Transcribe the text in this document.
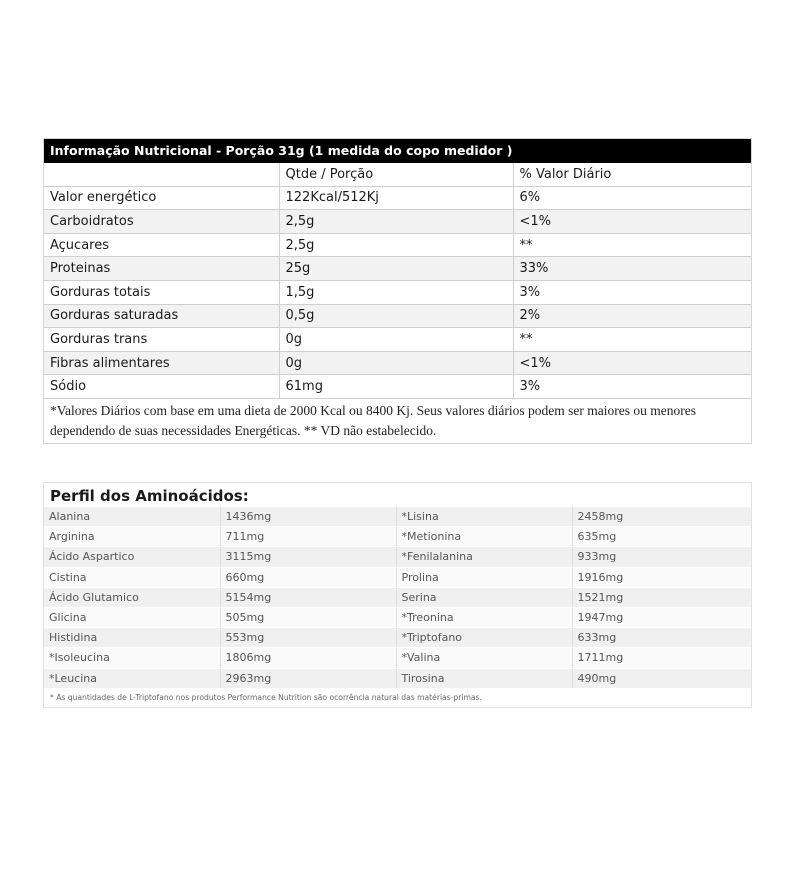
Informação Nutricional - Porção 31g (1 medida do copo medidor )
	Qtde / Porção	% Valor Diário
Valor energético	122Kcal/512Kj	6%
Carboidratos	2,5g	<1%
Açucares	2,5g	**
Proteinas	25g	33%
Gorduras totais	1,5g	3%
Gorduras saturadas	0,5g	2%
Gorduras trans	0g	**
Fibras alimentares	0g	<1%
Sódio	61mg	3%
*Valores Diários com base em uma dieta de 2000 Kcal ou 8400 Kj. Seus valores diários podem ser maiores ou menores dependendo de suas necessidades Energéticas. ** VD não estabelecido.
Perfil dos Aminoácidos:
Alanina	1436mg	*Lisina	2458mg
Arginina	711mg	*Metionina	635mg
Ácido Aspartico	3115mg	*Fenilalanina	933mg
Cistina	660mg	Prolina	1916mg
Ácido Glutamico	5154mg	Serina	1521mg
Glicina	505mg	*Treonina	1947mg
Histidina	553mg	*Triptofano	633mg
*Isoleucina	1806mg	*Valina	1711mg
*Leucina	2963mg	Tirosina	490mg
* As quantidades de L-Triptofano nos produtos Performance Nutrition são ocorrência natural das matérias-primas.
